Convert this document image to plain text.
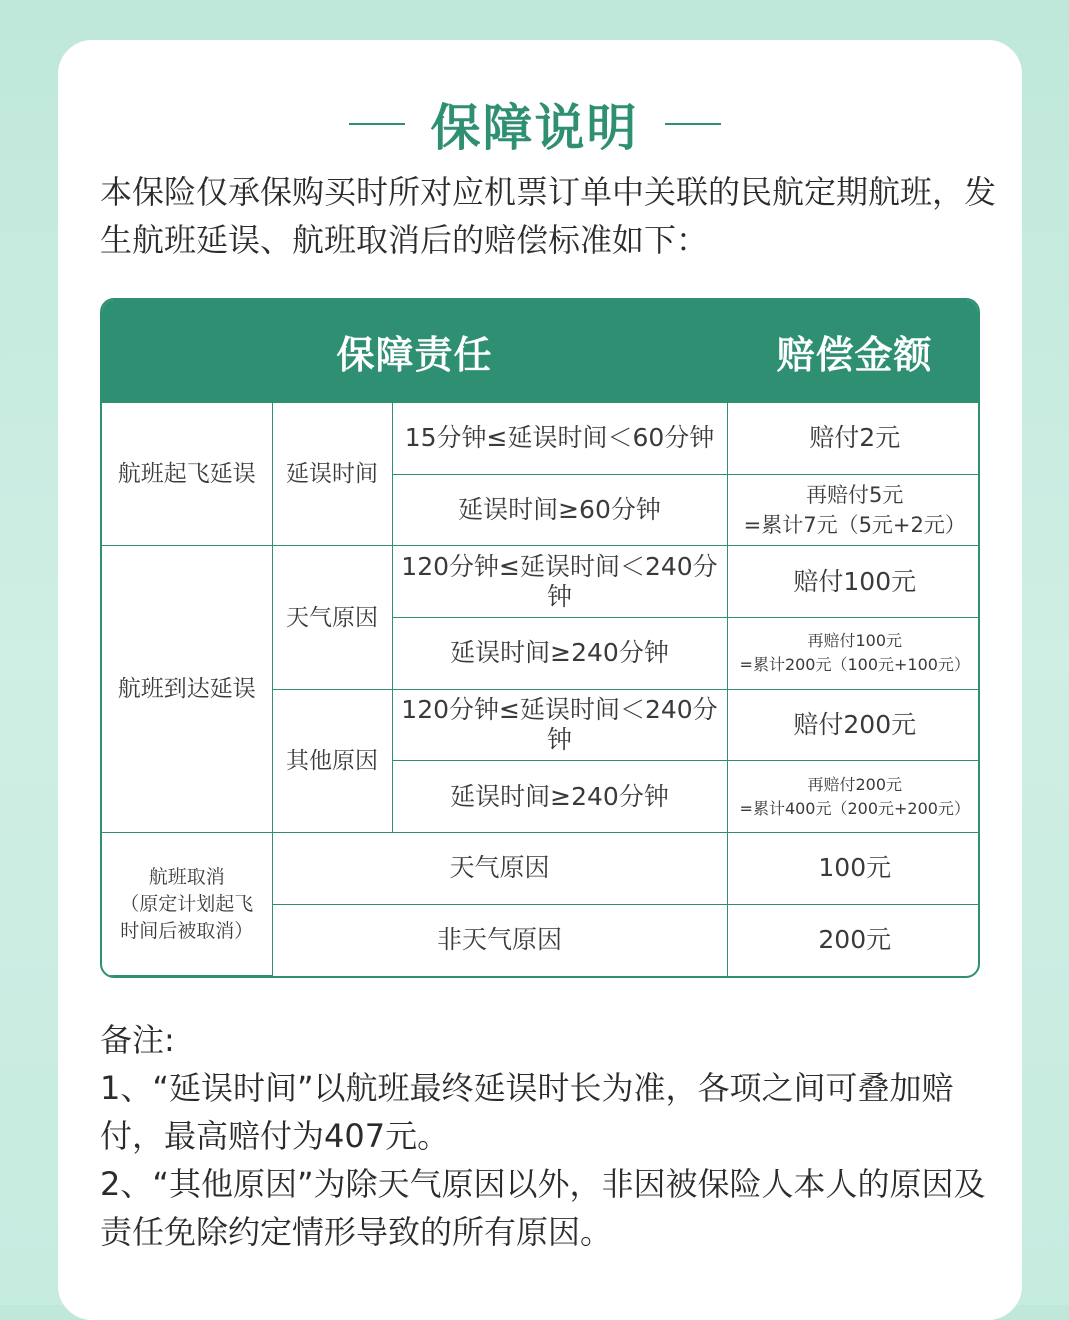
保障说明

本保险仅承保购买时所对应机票订单中关联的民航定期航班，发生航班延误、航班取消后的赔偿标准如下：

保障责任			赔偿金额
航班起飞延误	延误时间	15分钟≤延误时间＜60分钟	赔付2元
		延误时间≥60分钟	再赔付5元
=累计7元（5元+2元）

航班到达延误	天气原因	120分钟≤延误时间＜240分钟	赔付100元
		延误时间≥240分钟	再赔付100元
=累计200元（100元+100元）

	其他原因	120分钟≤延误时间＜240分钟	赔付200元
		延误时间≥240分钟	再赔付200元
=累计400元（200元+200元）

航班取消
（原定计划起飞
时间后被取消）	天气原因		100元
	非天气原因		200元

备注:

1、“延误时间”以航班最终延误时长为准，各项之间可叠加赔付，最高赔付为407元。

2、“其他原因”为除天气原因以外，非因被保险人本人的原因及责任免除约定情形导致的所有原因。
